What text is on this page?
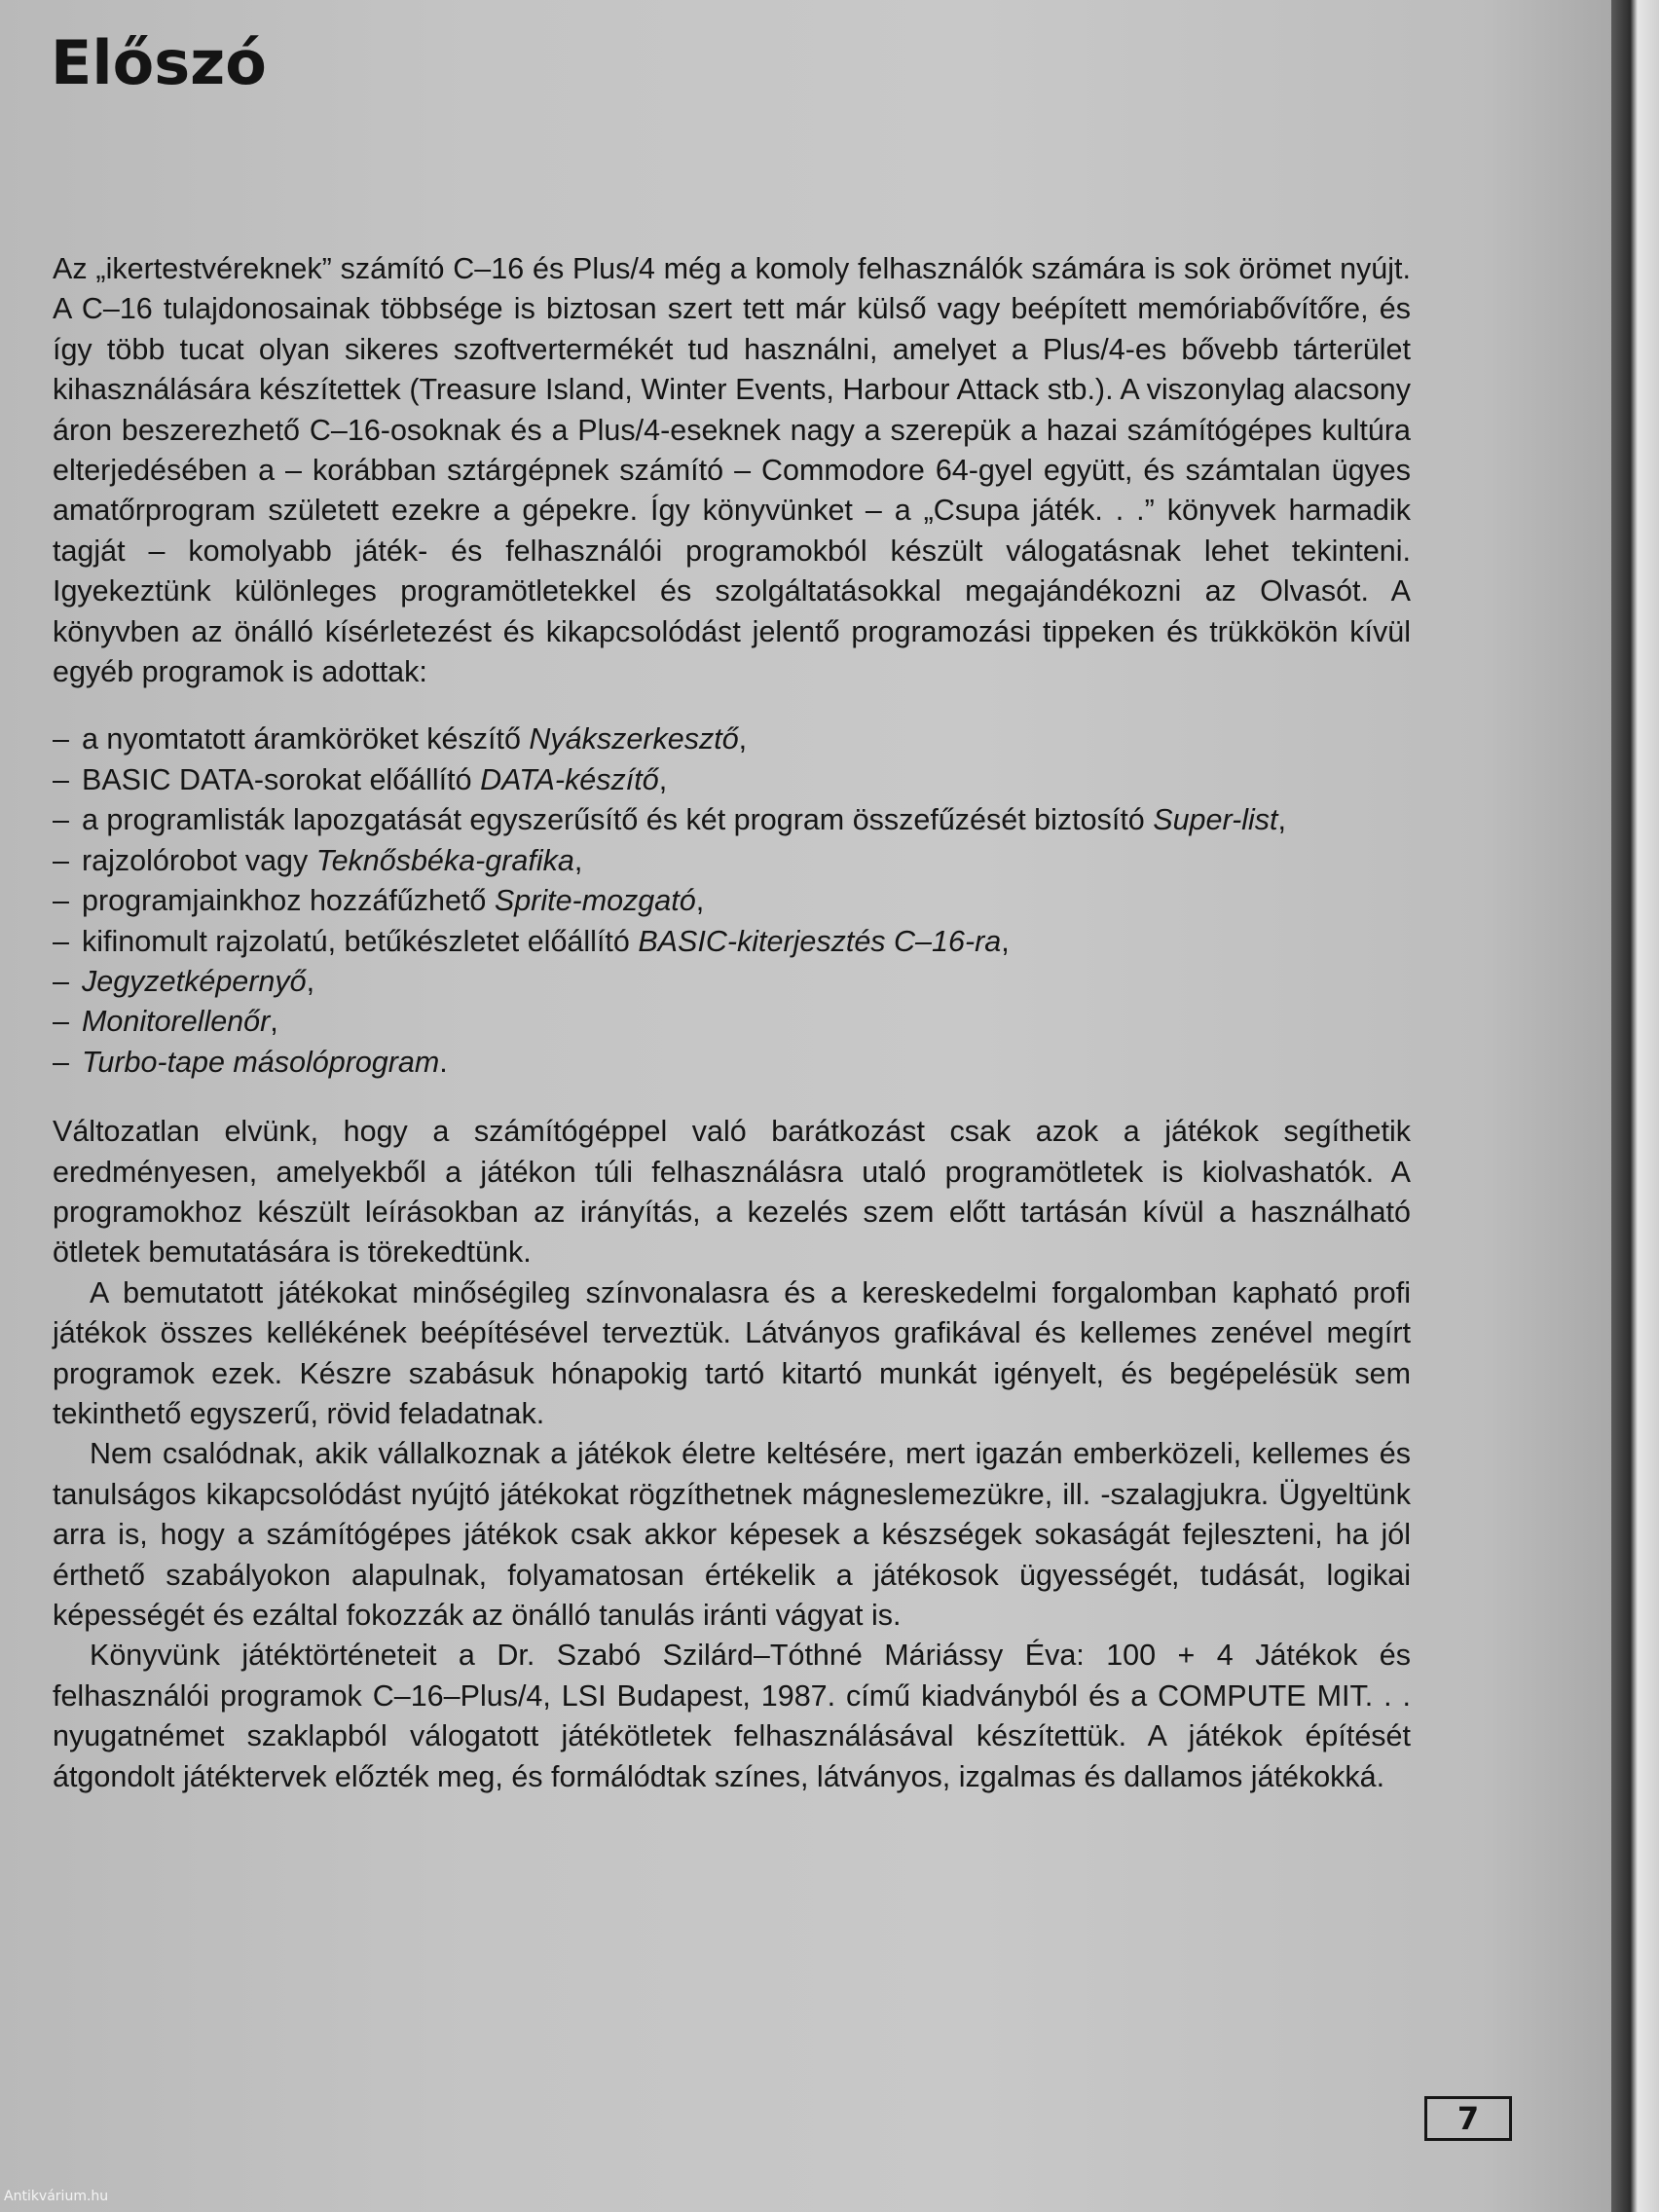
Előszó

Az „ikertestvéreknek” számító C–16 és Plus/4 még a komoly felhasználók számára is sok örömet nyújt. A C–16 tulajdonosainak többsége is biztosan szert tett már külső vagy beépített memóriabővítőre, és így több tucat olyan sikeres szoftvertermékét tud használni, amelyet a Plus/4-es bővebb tárterület kihasználására készítettek (Treasure Island, Winter Events, Harbour Attack stb.). A viszonylag alacsony áron beszerezhető C–16-osoknak és a Plus/4-eseknek nagy a szerepük a hazai számítógépes kultúra elterjedésében a – korábban sztárgépnek számító – Commodore 64-gyel együtt, és számtalan ügyes amatőrprogram született ezekre a gépekre. Így könyvünket – a „Csupa játék. . .” könyvek harmadik tagját – komolyabb játék- és felhasználói programokból készült válogatásnak lehet tekinteni. Igyekeztünk különleges programötletekkel és szolgáltatásokkal megajándékozni az Olvasót. A könyvben az önálló kísérletezést és kikapcsolódást jelentő programozási tippeken és trükkökön kívül egyéb programok is adottak:

– a nyomtatott áramköröket készítő Nyákszerkesztő,
– BASIC DATA-sorokat előállító DATA-készítő,
– a programlisták lapozgatását egyszerűsítő és két program összefűzését biztosító Super-list,
– rajzolórobot vagy Teknősbéka-grafika,
– programjainkhoz hozzáfűzhető Sprite-mozgató,
– kifinomult rajzolatú, betűkészletet előállító BASIC-kiterjesztés C–16-ra,
– Jegyzetképernyő,
– Monitorellenőr,
– Turbo-tape másolóprogram.

Változatlan elvünk, hogy a számítógéppel való barátkozást csak azok a játékok segíthetik eredményesen, amelyekből a játékon túli felhasználásra utaló programötletek is kiolvashatók. A programokhoz készült leírásokban az irányítás, a kezelés szem előtt tartásán kívül a használható ötletek bemutatására is törekedtünk.

A bemutatott játékokat minőségileg színvonalasra és a kereskedelmi forgalomban kapható profi játékok összes kellékének beépítésével terveztük. Látványos grafikával és kellemes zenével megírt programok ezek. Készre szabásuk hónapokig tartó kitartó munkát igényelt, és begépelésük sem tekinthető egyszerű, rövid feladatnak.

Nem csalódnak, akik vállalkoznak a játékok életre keltésére, mert igazán emberközeli, kellemes és tanulságos kikapcsolódást nyújtó játékokat rögzíthetnek mágneslemezükre, ill. -szalagjukra. Ügyeltünk arra is, hogy a számítógépes játékok csak akkor képesek a készségek sokaságát fejleszteni, ha jól érthető szabályokon alapulnak, folyamatosan értékelik a játékosok ügyességét, tudását, logikai képességét és ezáltal fokozzák az önálló tanulás iránti vágyat is.

Könyvünk játéktörténeteit a Dr. Szabó Szilárd–Tóthné Máriássy Éva: 100 + 4 Játékok és felhasználói programok C–16–Plus/4, LSI Budapest, 1987. című kiadványból és a COMPUTE MIT. . . nyugatnémet szaklapból válogatott játékötletek felhasználásával készítettük. A játékok építését átgondolt játéktervek előzték meg, és formálódtak színes, látványos, izgalmas és dallamos játékokká.

7
Antikvárium.hu
